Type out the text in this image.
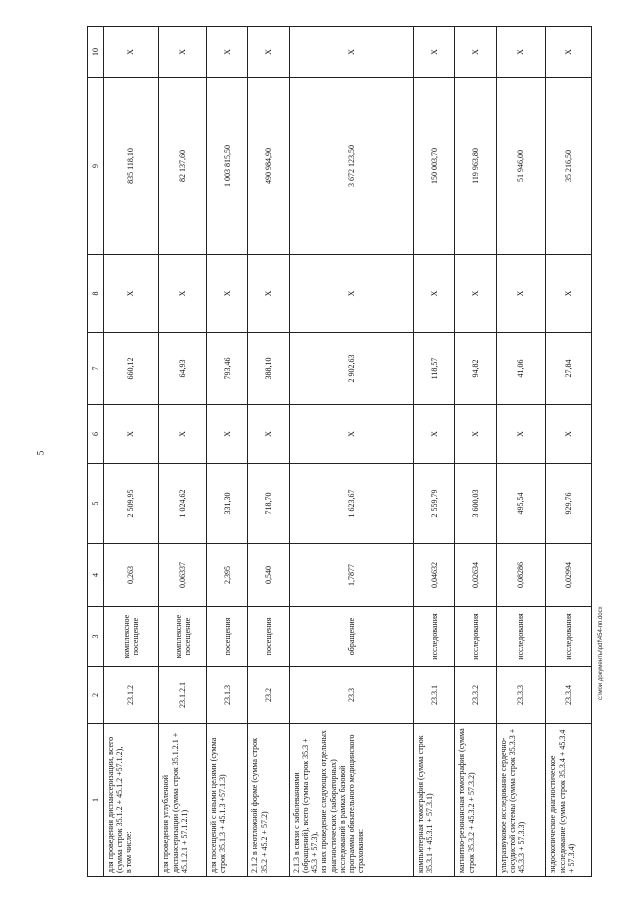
5
1	2	3	4	5	6	7	8	9	10

для проведения диспансеризации, всего (сумма строк 35.1.2 + 45.1.2 +57.1.2), в том числе:	23.1.2	комплексное посещение	0,263	2 509,95	X	660,12	X	835 118,10	X

для проведения углубленной диспансеризации (сумма строк 35.1.2.1 + 45.1.2.1 + 57.1.2.1)	23.1.2.1	комплексное посещение	0,06337	1 024,62	X	64,93	X	82 137,60	X

для посещений с иными целями (сумма строк 35.1.3 + 45.1.3 +57.1.3)	23.1.3	посещения	2,395	331,30	X	793,46	X	1 003 815,50	X

2.1.2 в неотложной форме (сумма строк 35.2 + 45.2 + 57.2)	23.2	посещения	0,540	718,70	X	388,10	X	490 984,90	X

2.1.3 в связи с заболеваниями (обращений), всего (сумма строк 35.3 + 45.3 + 57.3), из них проведение следующих отдельных диагностических (лабораторных) исследований в рамках базовой программы обязательного медицинского страхования:	23.3	обращение	1,7877	1 623,67	X	2 902,63	X	3 672 123,50	X

компьютерная томография (сумма строк 35.3.1 + 45.3.1 + 57.3.1)	23.3.1	исследования	0,04632	2 559,79	X	118,57	X	150 003,70	X

магнитно-резонансная томография (сумма строк 35.3.2 + 45.3.2 + 57.3.2)	23.3.2	исследования	0,02634	3 600,03	X	94,82	X	119 963,80	X

ультразвуковое исследование сердечно-сосудистой системы (сумма строк 35.3.3 + 45.3.3 + 57.3.3)	23.3.3	исследования	0,08286	495,54	X	41,06	X	51 946,00	X

эндоскопическое диагностическое исследование (сумма строк 35.3.4 + 45.3.4 + 57.3.4)	23.3.4	исследования	0,02994	929,76	X	27,84	X	35 216,50	X
c:\мои документы\pdf\454-пп.docx
